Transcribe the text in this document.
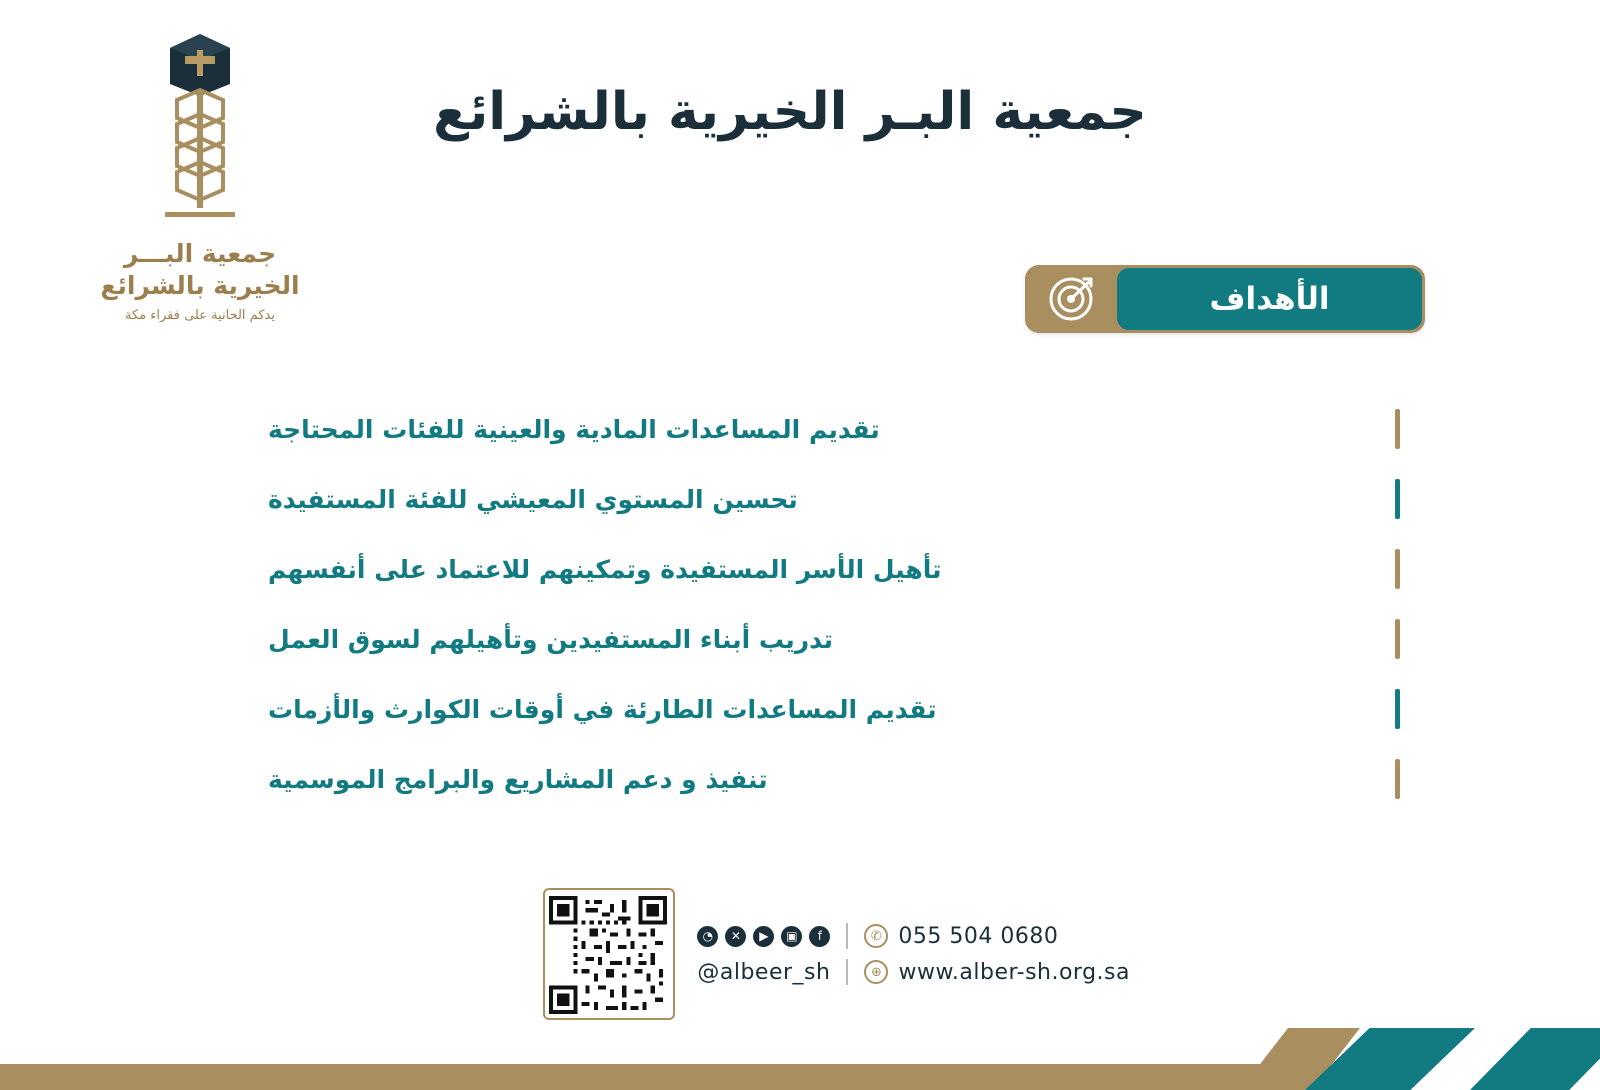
جمعية البـــر
الخيرية بالشرائع
يدكم الحانية على فقراء مكة
جمعية البـر الخيرية بالشرائع
الأهداف
تقديم المساعدات المادية والعينية للفئات المحتاجة
تحسين المستوي المعيشي للفئة المستفيدة
تأهيل الأسر المستفيدة وتمكينهم للاعتماد على أنفسهم
تدريب أبناء المستفيدين وتأهيلهم لسوق العمل
تقديم المساعدات الطارئة في أوقات الكوارث والأزمات
تنفيذ و دعم المشاريع والبرامج الموسمية
◔	✕	▶	▣	f	✆ 055 504 0680
@albeer_sh	⊕ www.alber-sh.org.sa
